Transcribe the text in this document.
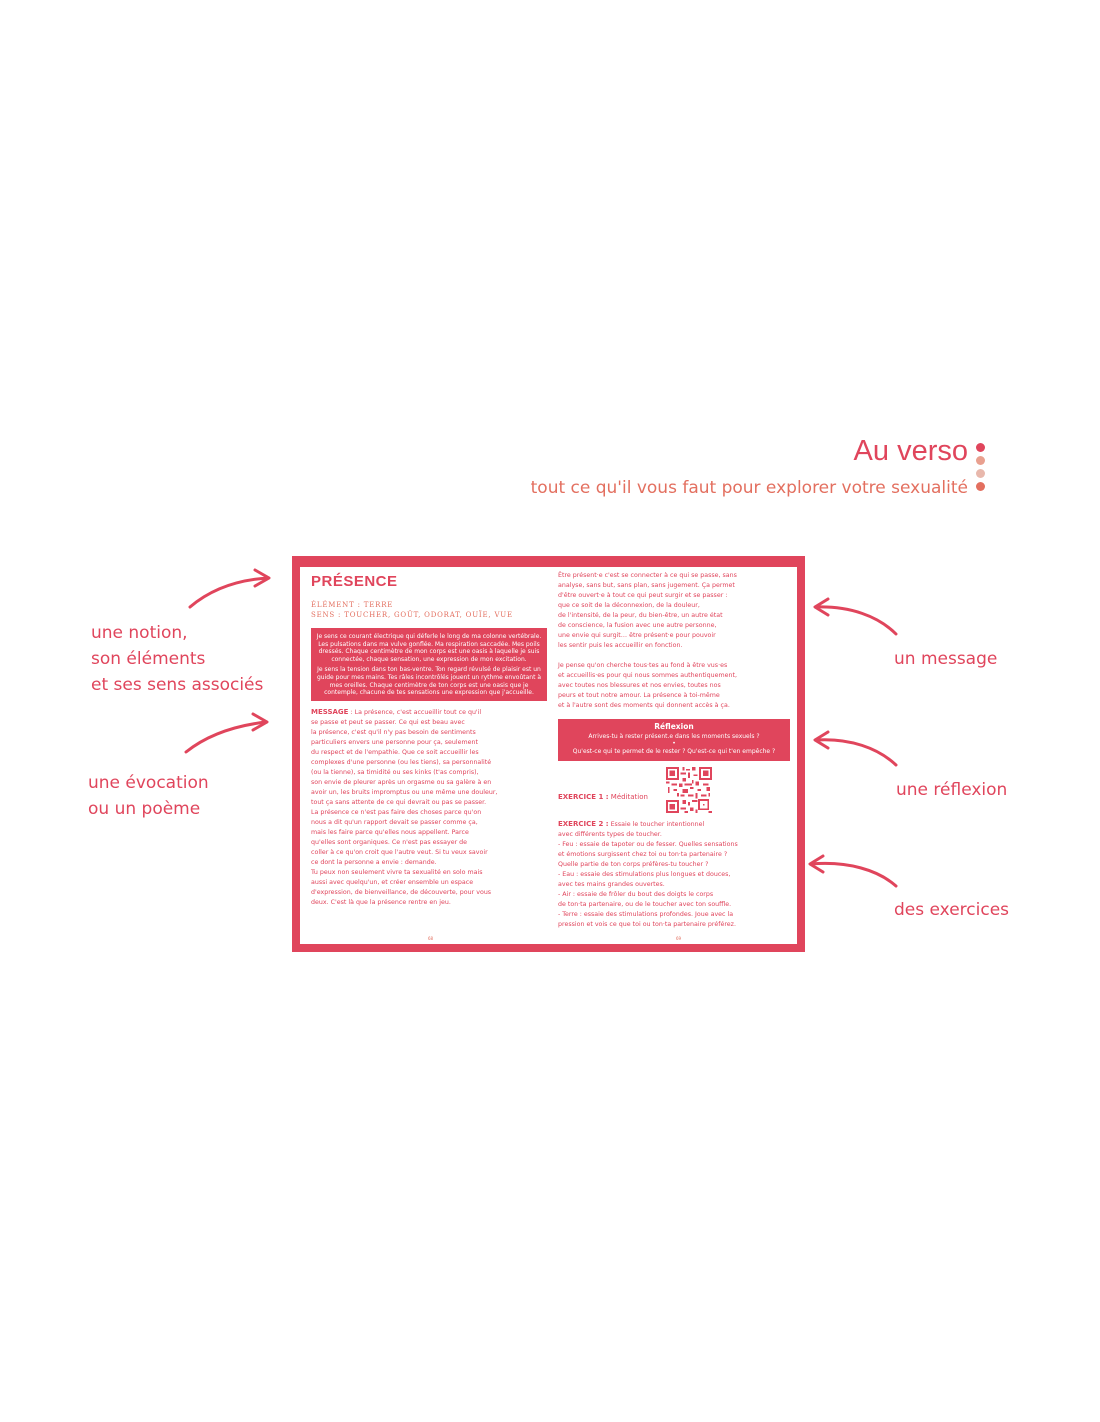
Au verso

tout ce qu'il vous faut pour explorer votre sexualité

une notion,
son éléments
et ses sens associés
une évocation
ou un poème
un message
une réflexion
des exercices
PRÉSENCE
ÉLÉMENT : TERRE
SENS : TOUCHER, GOÛT, ODORAT, OUÏE, VUE

Je sens ce courant électrique qui déferle le long de ma colonne vertébrale. Les pulsations dans ma vulve gonflée. Ma respiration saccadée. Mes poils dressés. Chaque centimètre de mon corps est une oasis à laquelle je suis connectée, chaque sensation, une expression de mon excitation.

Je sens la tension dans ton bas-ventre. Ton regard révulsé de plaisir est un guide pour mes mains. Tes râles incontrôlés jouent un rythme envoûtant à mes oreilles. Chaque centimètre de ton corps est une oasis que je contemple, chacune de tes sensations une expression que j'accueille.

MESSAGE : La présence, c'est accueillir tout ce qu'il
se passe et peut se passer. Ce qui est beau avec
la présence, c'est qu'il n'y pas besoin de sentiments
particuliers envers une personne pour ça, seulement
du respect et de l'empathie. Que ce soit accueillir les
complexes d'une personne (ou les tiens), sa personnalité
(ou la tienne), sa timidité ou ses kinks (t'as compris),
son envie de pleurer après un orgasme ou sa galère à en
avoir un, les bruits impromptus ou une même une douleur,
tout ça sans attente de ce qui devrait ou pas se passer.
La présence ce n'est pas faire des choses parce qu'on
nous a dit qu'un rapport devait se passer comme ça,
mais les faire parce qu'elles nous appellent. Parce
qu'elles sont organiques. Ce n'est pas essayer de
coller à ce qu'on croit que l'autre veut. Si tu veux savoir
ce dont la personne a envie : demande.
Tu peux non seulement vivre ta sexualité en solo mais
aussi avec quelqu'un, et créer ensemble un espace
d'expression, de bienveillance, de découverte, pour vous
deux. C'est là que la présence rentre en jeu.
68
Être présent·e c'est se connecter à ce qui se passe, sans
analyse, sans but, sans plan, sans jugement. Ça permet
d'être ouvert·e à tout ce qui peut surgir et se passer :
que ce soit de la déconnexion, de la douleur,
de l'intensité, de la peur, du bien-être, un autre état
de conscience, la fusion avec une autre personne,
une envie qui surgit… être présent·e pour pouvoir
les sentir puis les accueillir en fonction.
Je pense qu'on cherche tous·tes au fond à être vus·es
et accueillis·es pour qui nous sommes authentiquement,
avec toutes nos blessures et nos envies, toutes nos
peurs et tout notre amour. La présence à toi-même
et à l'autre sont des moments qui donnent accès à ça.
Réflexion
Arrives-tu à rester présent.e dans les moments sexuels ?
•
Qu'est-ce qui te permet de le rester ? Qu'est-ce qui t'en empêche ?
EXERCICE 1 : Méditation
EXERCICE 2 : Essaie le toucher intentionnel
avec différents types de toucher.
- Feu : essaie de tapoter ou de fesser. Quelles sensations
et émotions surgissent chez toi ou ton·ta partenaire ?
Quelle partie de ton corps préfères-tu toucher ?
- Eau : essaie des stimulations plus longues et douces,
avec tes mains grandes ouvertes.
- Air : essaie de frôler du bout des doigts le corps
de ton·ta partenaire, ou de le toucher avec ton souffle.
- Terre : essaie des stimulations profondes. Joue avec la
pression et vois ce que toi ou ton·ta partenaire préférez.
69
